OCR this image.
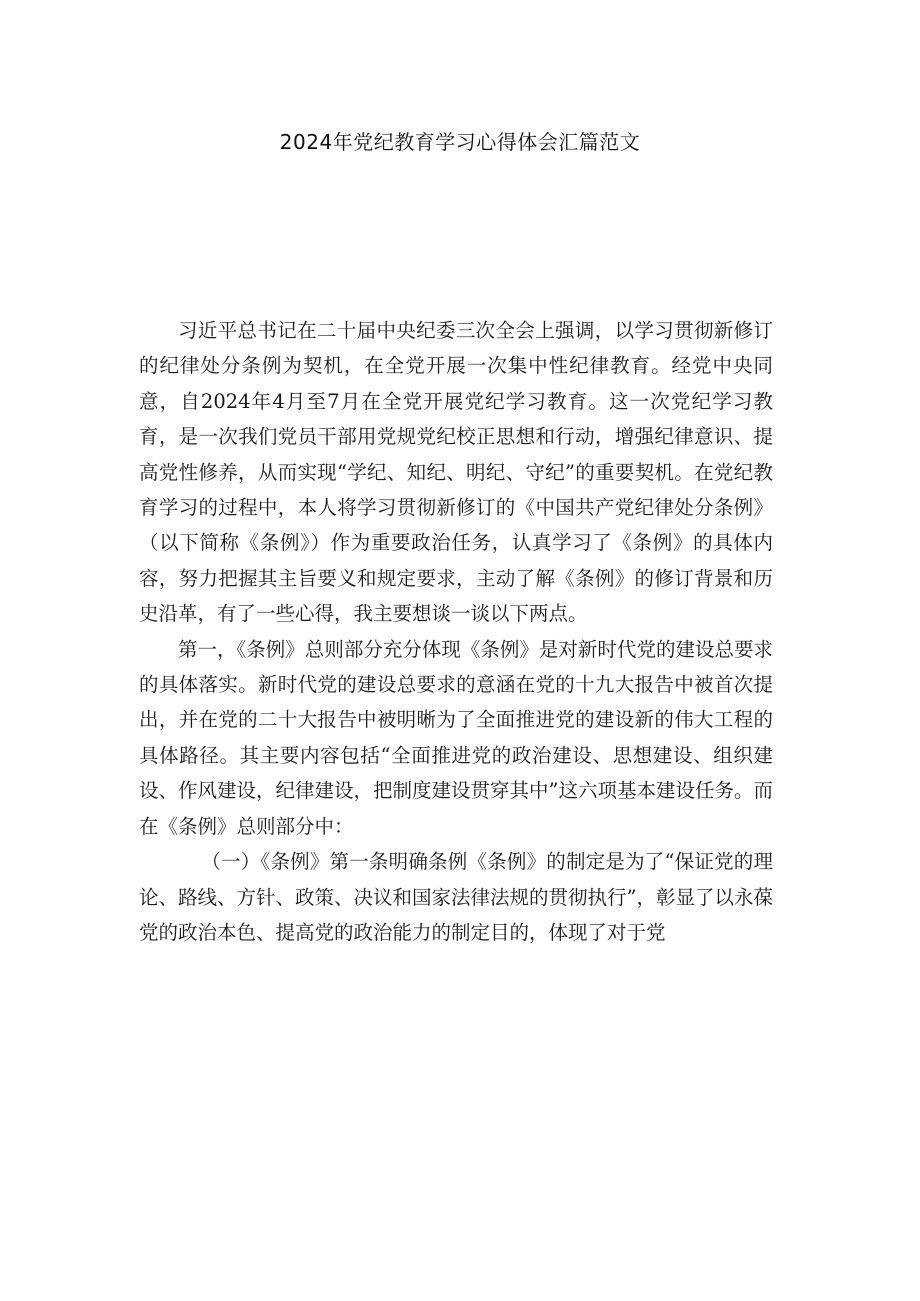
2024年党纪教育学习心得体会汇篇范文

习近平总书记在二十届中央纪委三次全会上强调，以学习贯彻新修订的纪律处分条例为契机，在全党开展一次集中性纪律教育。经党中央同意，自2024年4月至7月在全党开展党纪学习教育。这一次党纪学习教育，是一次我们党员干部用党规党纪校正思想和行动，增强纪律意识、提高党性修养，从而实现“学纪、知纪、明纪、守纪”的重要契机。在党纪教育学习的过程中，本人将学习贯彻新修订的《中国共产党纪律处分条例》（以下简称《条例》）作为重要政治任务，认真学习了《条例》的具体内容，努力把握其主旨要义和规定要求，主动了解《条例》的修订背景和历史沿革，有了一些心得，我主要想谈一谈以下两点。

第一，《条例》总则部分充分体现《条例》是对新时代党的建设总要求的具体落实。新时代党的建设总要求的意涵在党的十九大报告中被首次提出，并在党的二十大报告中被明晰为了全面推进党的建设新的伟大工程的具体路径。其主要内容包括“全面推进党的政治建设、思想建设、组织建设、作风建设，纪律建设，把制度建设贯穿其中”这六项基本建设任务。而在《条例》总则部分中：

（一）《条例》第一条明确条例《条例》的制定是为了“保证党的理论、路线、方针、政策、决议和国家法律法规的贯彻执行”，彰显了以永葆党的政治本色、提高党的政治能力的制定目的，体现了对于党
